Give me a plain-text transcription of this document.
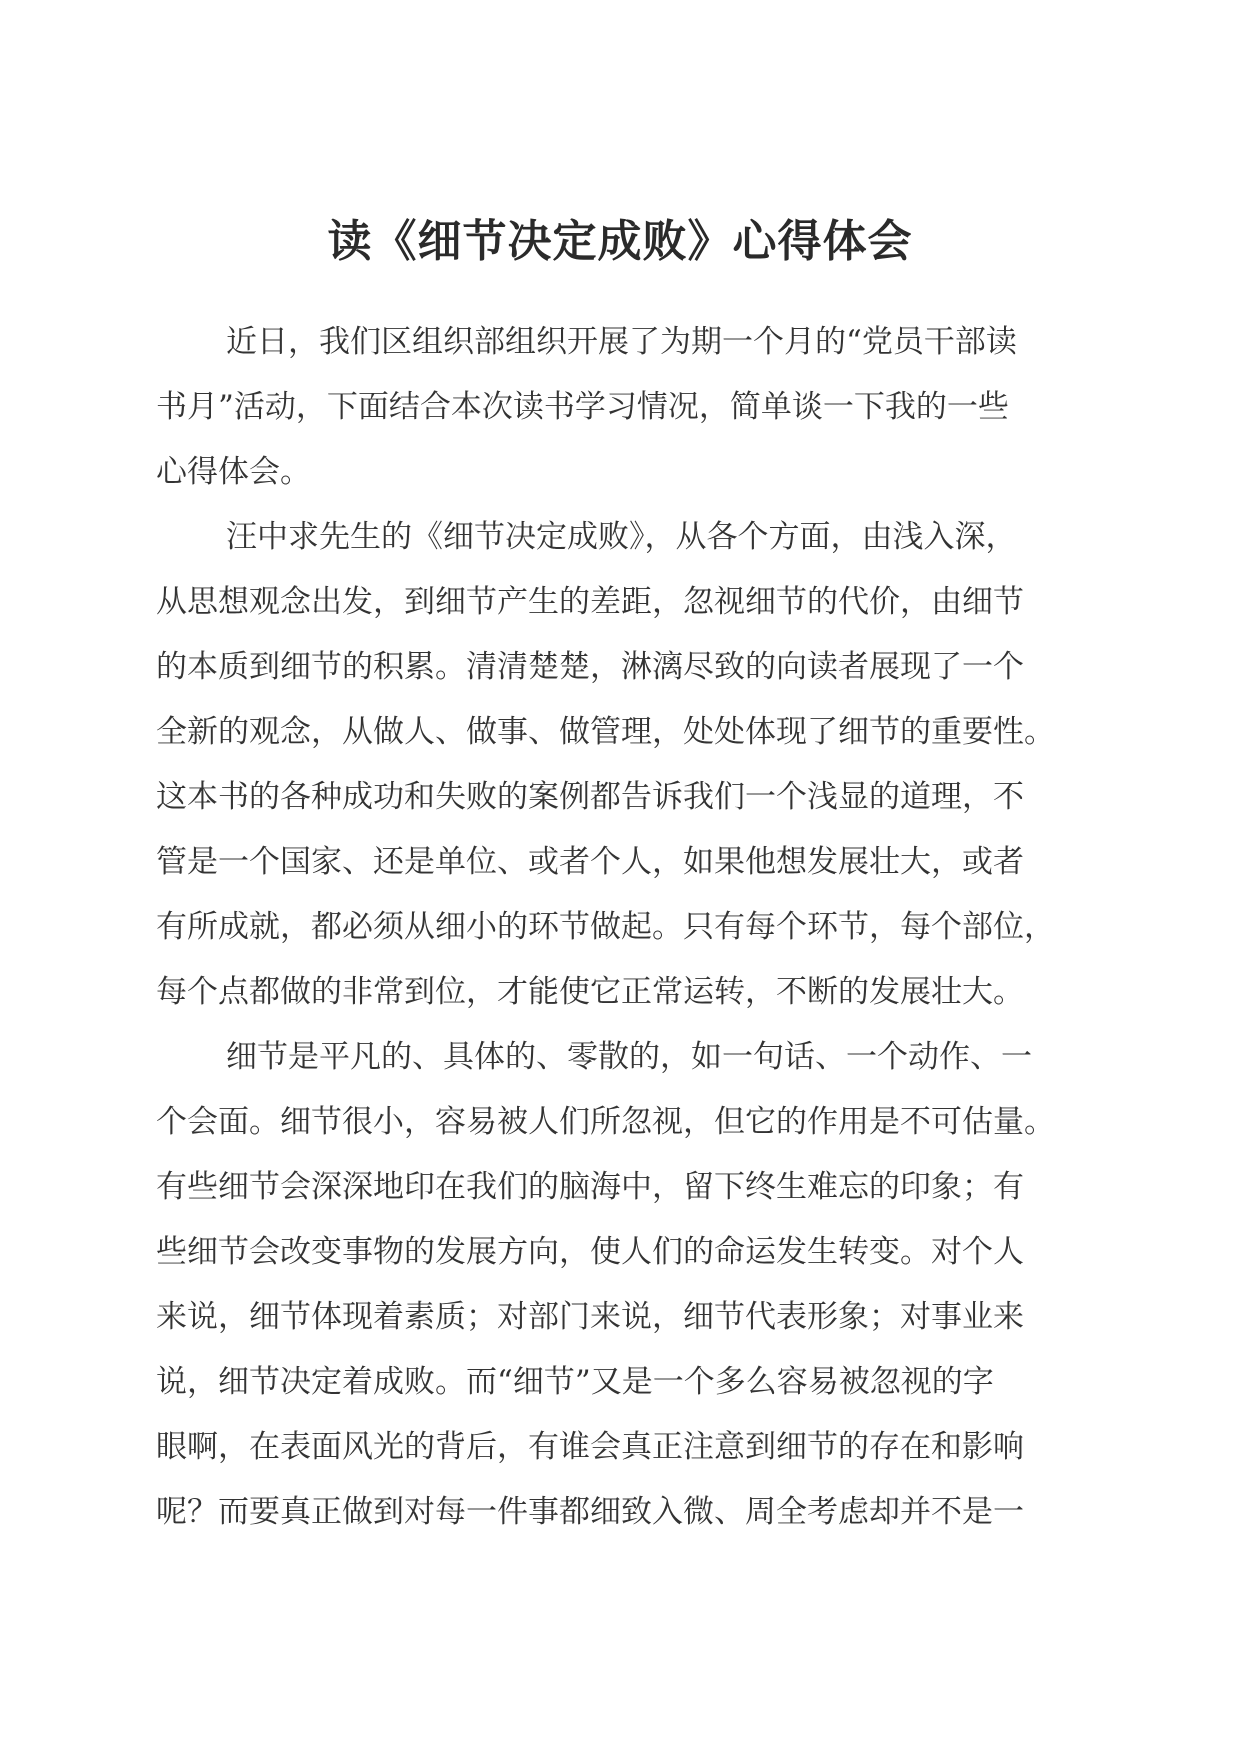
读《细节决定成败》心得体会
近日，我们区组织部组织开展了为期一个月的“党员干部读
书月”活动，下面结合本次读书学习情况，简单谈一下我的一些
心得体会。
汪中求先生的《细节决定成败》，从各个方面，由浅入深，
从思想观念出发，到细节产生的差距，忽视细节的代价，由细节
的本质到细节的积累。清清楚楚，淋漓尽致的向读者展现了一个
全新的观念，从做人、做事、做管理，处处体现了细节的重要性。
这本书的各种成功和失败的案例都告诉我们一个浅显的道理，不
管是一个国家、还是单位、或者个人，如果他想发展壮大，或者
有所成就，都必须从细小的环节做起。只有每个环节，每个部位，
每个点都做的非常到位，才能使它正常运转，不断的发展壮大。
细节是平凡的、具体的、零散的，如一句话、一个动作、一
个会面。细节很小，容易被人们所忽视，但它的作用是不可估量。
有些细节会深深地印在我们的脑海中，留下终生难忘的印象；有
些细节会改变事物的发展方向，使人们的命运发生转变。对个人
来说，细节体现着素质；对部门来说，细节代表形象；对事业来
说，细节决定着成败。而“细节”又是一个多么容易被忽视的字
眼啊，在表面风光的背后，有谁会真正注意到细节的存在和影响
呢？而要真正做到对每一件事都细致入微、周全考虑却并不是一
